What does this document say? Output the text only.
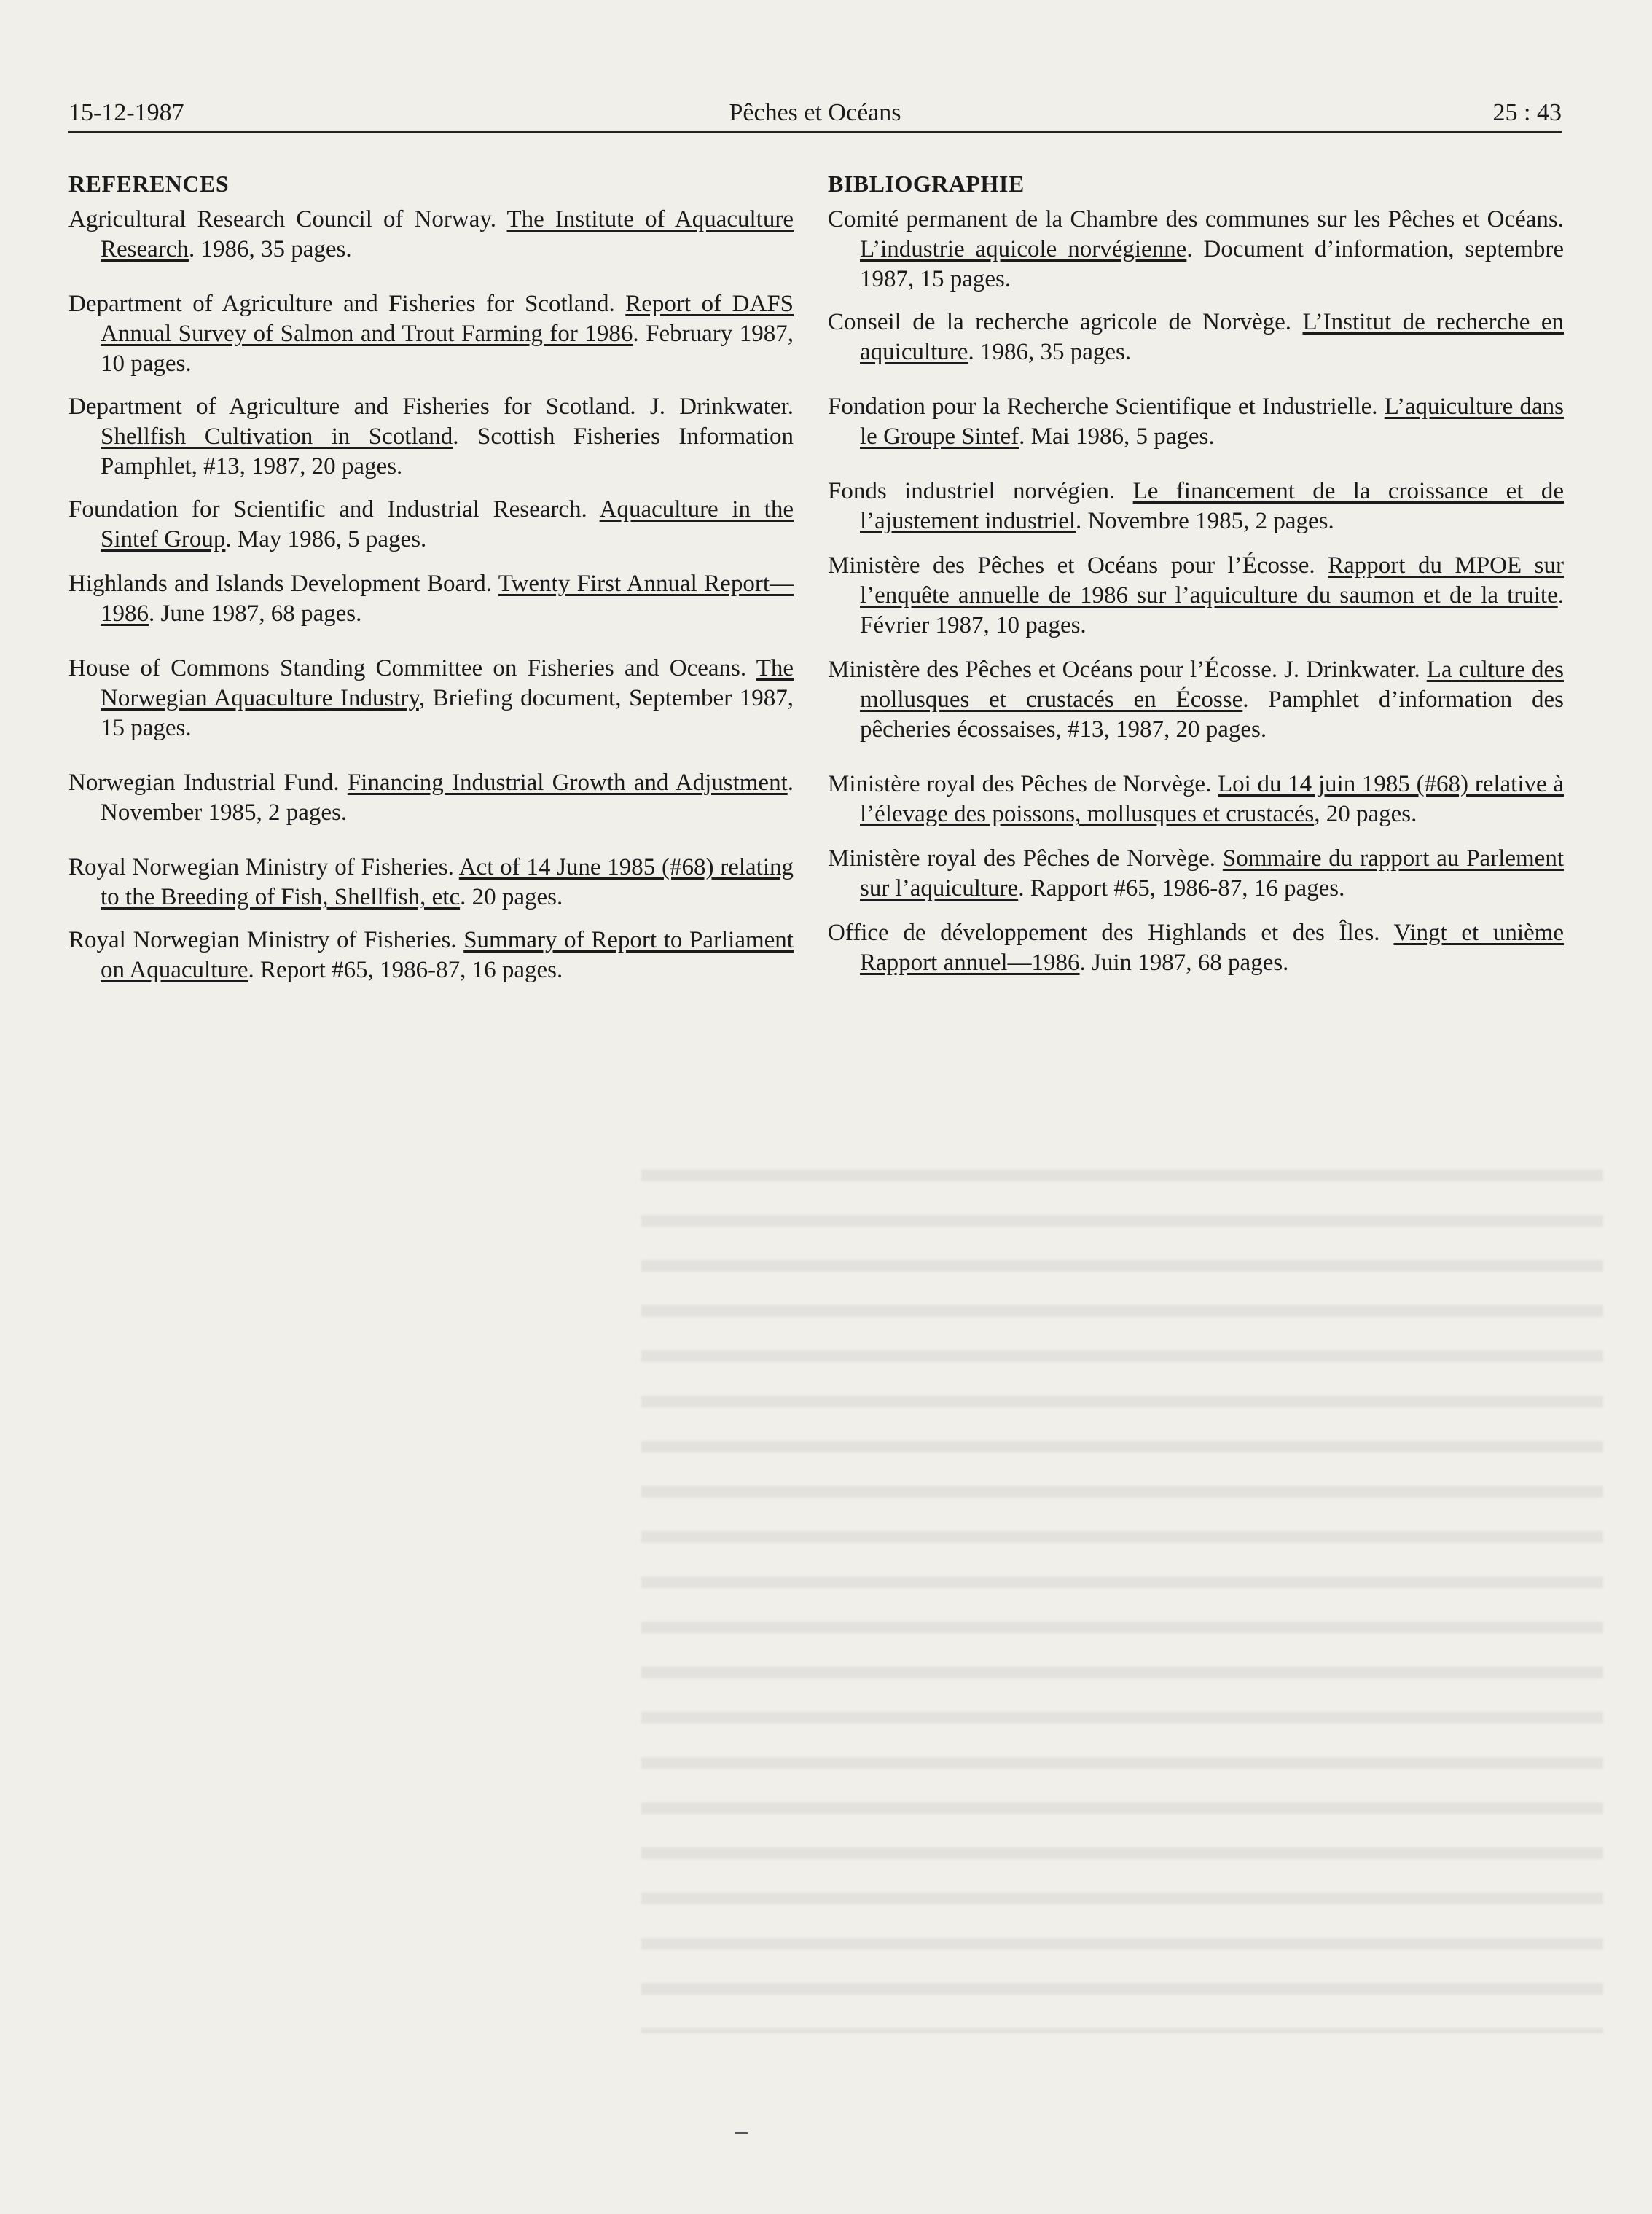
15-12-1987	Pêches et Océans	25 : 43
REFERENCES

Agricultural Research Council of Norway. The Institute of Aquaculture Research. 1986, 35 pages.

Department of Agriculture and Fisheries for Scotland. Report of DAFS Annual Survey of Salmon and Trout Farming for 1986. February 1987, 10 pages.

Department of Agriculture and Fisheries for Scotland. J. Drinkwater. Shellfish Cultivation in Scotland. Scottish Fisheries Information Pamphlet, #13, 1987, 20 pages.

Foundation for Scientific and Industrial Research. Aquaculture in the Sintef Group. May 1986, 5 pages.

Highlands and Islands Development Board. Twenty First Annual Report—1986. June 1987, 68 pages.

House of Commons Standing Committee on Fisheries and Oceans. The Norwegian Aquaculture Industry, Briefing document, September 1987, 15 pages.

Norwegian Industrial Fund. Financing Industrial Growth and Adjustment. November 1985, 2 pages.

Royal Norwegian Ministry of Fisheries. Act of 14 June 1985 (#68) relating to the Breeding of Fish, Shellfish, etc. 20 pages.

Royal Norwegian Ministry of Fisheries. Summary of Report to Parliament on Aquaculture. Report #65, 1986-87, 16 pages.

BIBLIOGRAPHIE

Comité permanent de la Chambre des communes sur les Pêches et Océans. L’industrie aquicole norvégienne. Document d’information, septembre 1987, 15 pages.

Conseil de la recherche agricole de Norvège. L’Institut de recherche en aquiculture. 1986, 35 pages.

Fondation pour la Recherche Scientifique et Industrielle. L’aquiculture dans le Groupe Sintef. Mai 1986, 5 pages.

Fonds industriel norvégien. Le financement de la croissance et de l’ajustement industriel. Novembre 1985, 2 pages.

Ministère des Pêches et Océans pour l’Écosse. Rapport du MPOE sur l’enquête annuelle de 1986 sur l’aquiculture du saumon et de la truite. Février 1987, 10 pages.

Ministère des Pêches et Océans pour l’Écosse. J. Drinkwater. La culture des mollusques et crustacés en Écosse. Pamphlet d’information des pêcheries écossaises, #13, 1987, 20 pages.

Ministère royal des Pêches de Norvège. Loi du 14 juin 1985 (#68) relative à l’élevage des poissons, mollusques et crustacés, 20 pages.

Ministère royal des Pêches de Norvège. Sommaire du rapport au Parlement sur l’aquiculture. Rapport #65, 1986-87, 16 pages.

Office de développement des Highlands et des Îles. Vingt et unième Rapport annuel—1986. Juin 1987, 68 pages.
